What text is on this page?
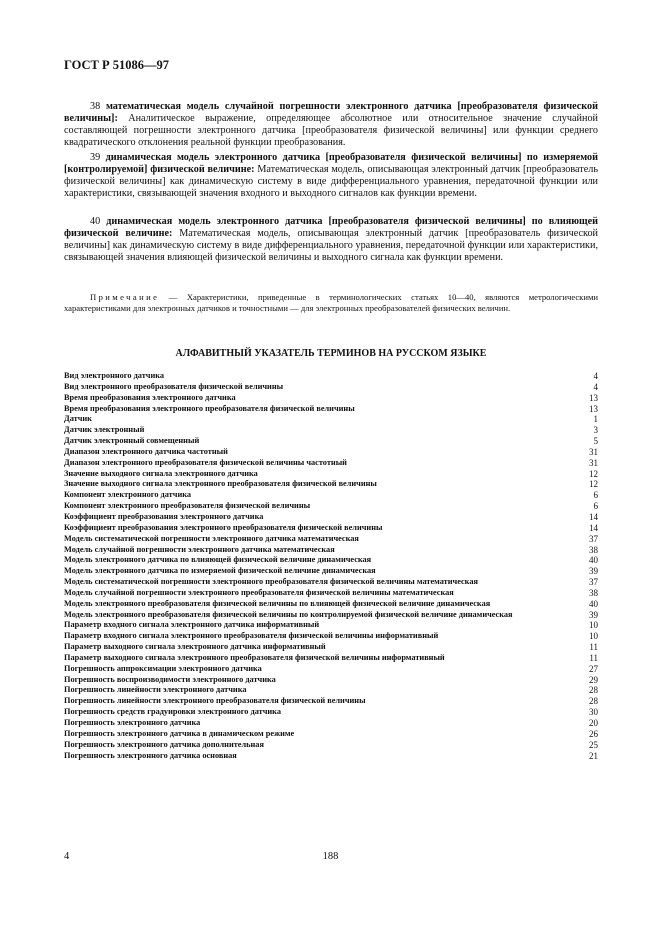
ГОСТ Р 51086—97
38 математическая модель случайной погрешности электронного датчика [преобразователя физической величины]: Аналитическое выражение, определяющее абсолютное или относительное значение случайной составляющей погрешности электронного датчика [преобразователя физической величины] или функции среднего квадратического отклонения реальной функции преобразования.
39 динамическая модель электронного датчика [преобразователя физической величины] по измеряемой [контролируемой] физической величине: Математическая модель, описывающая электронный датчик [преобразователь физической величины] как динамическую систему в виде дифференциального уравнения, передаточной функции или характеристики, связывающей значения входного и выходного сигналов как функции времени.
40 динамическая модель электронного датчика [преобразователя физической величины] по влияющей физической величине: Математическая модель, описывающая электронный датчик [преобразователь физической величины] как динамическую систему в виде дифференциального уравнения, передаточной функции или характеристики, связывающей значения влияющей физической величины и выходного сигнала как функции времени.
Примечание — Характеристики, приведенные в терминологических статьях 10—40, являются метрологическими характеристиками для электронных датчиков и точностными — для электронных преобразователей физических величин.
АЛФАВИТНЫЙ УКАЗАТЕЛЬ ТЕРМИНОВ НА РУССКОМ ЯЗЫКЕ
Вид электронного датчика	4
Вид электронного преобразователя физической величины	4
Время преобразования электронного датчика	13
Время преобразования электронного преобразователя физической величины	13
Датчик	1
Датчик электронный	3
Датчик электронный совмещенный	5
Диапазон электронного датчика частотный	31
Диапазон электронного преобразователя физической величины частотный	31
Значение выходного сигнала электронного датчика	12
Значение выходного сигнала электронного преобразователя физической величины	12
Компонент электронного датчика	6
Компонент электронного преобразователя физической величины	6
Коэффициент преобразования электронного датчика	14
Коэффициент преобразования электронного преобразователя физической величины	14
Модель систематической погрешности электронного датчика математическая	37
Модель случайной погрешности электронного датчика математическая	38
Модель электронного датчика по влияющей физической величине динамическая	40
Модель электронного датчика по измеряемой физической величине динамическая	39
Модель систематической погрешности электронного преобразователя физической величины математическая	37
Модель случайной погрешности электронного преобразователя физической величины математическая	38
Модель электронного преобразователя физической величины по влияющей физической величине динамическая	40
Модель электронного преобразователя физической величины по контролируемой физической величине динамическая	39
Параметр входного сигнала электронного датчика информативный	10
Параметр входного сигнала электронного преобразователя физической величины информативный	10
Параметр выходного сигнала электронного датчика информативный	11
Параметр выходного сигнала электронного преобразователя физической величины информативный	11
Погрешность аппроксимации электронного датчика	27
Погрешность воспроизводимости электронного датчика	29
Погрешность линейности электронного датчика	28
Погрешность линейности электронного преобразователя физической величины	28
Погрешность средств градуировки электронного датчика	30
Погрешность электронного датчика	20
Погрешность электронного датчика в динамическом режиме	26
Погрешность электронного датчика дополнительная	25
Погрешность электронного датчика основная	21
4	188
